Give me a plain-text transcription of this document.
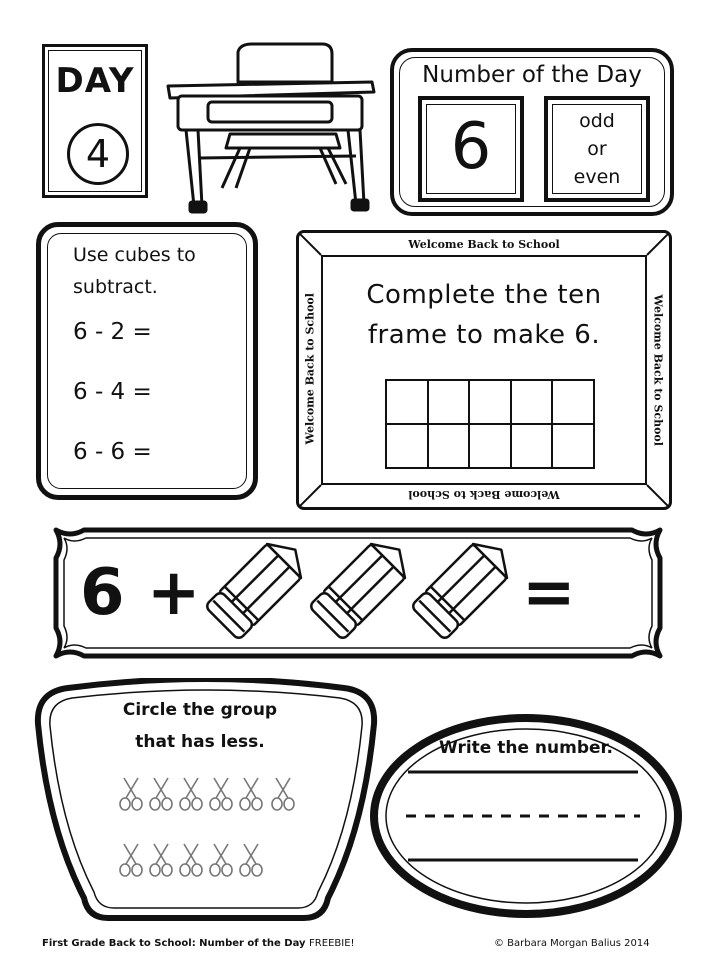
DAY
4
Number of the Day
6	odd
or
even
Use cubes to
subtract.
6 - 2 =
6 - 4 =
6 - 6 =
Welcome Back to School
Welcome Back to School
Welcome Back to School	Welcome Back to School
Complete the ten
frame to make 6.

6 +	=
Circle the group
that has less.	Write the number.
First Grade Back to School: Number of the Day FREEBIE!	© Barbara Morgan Balius 2014
